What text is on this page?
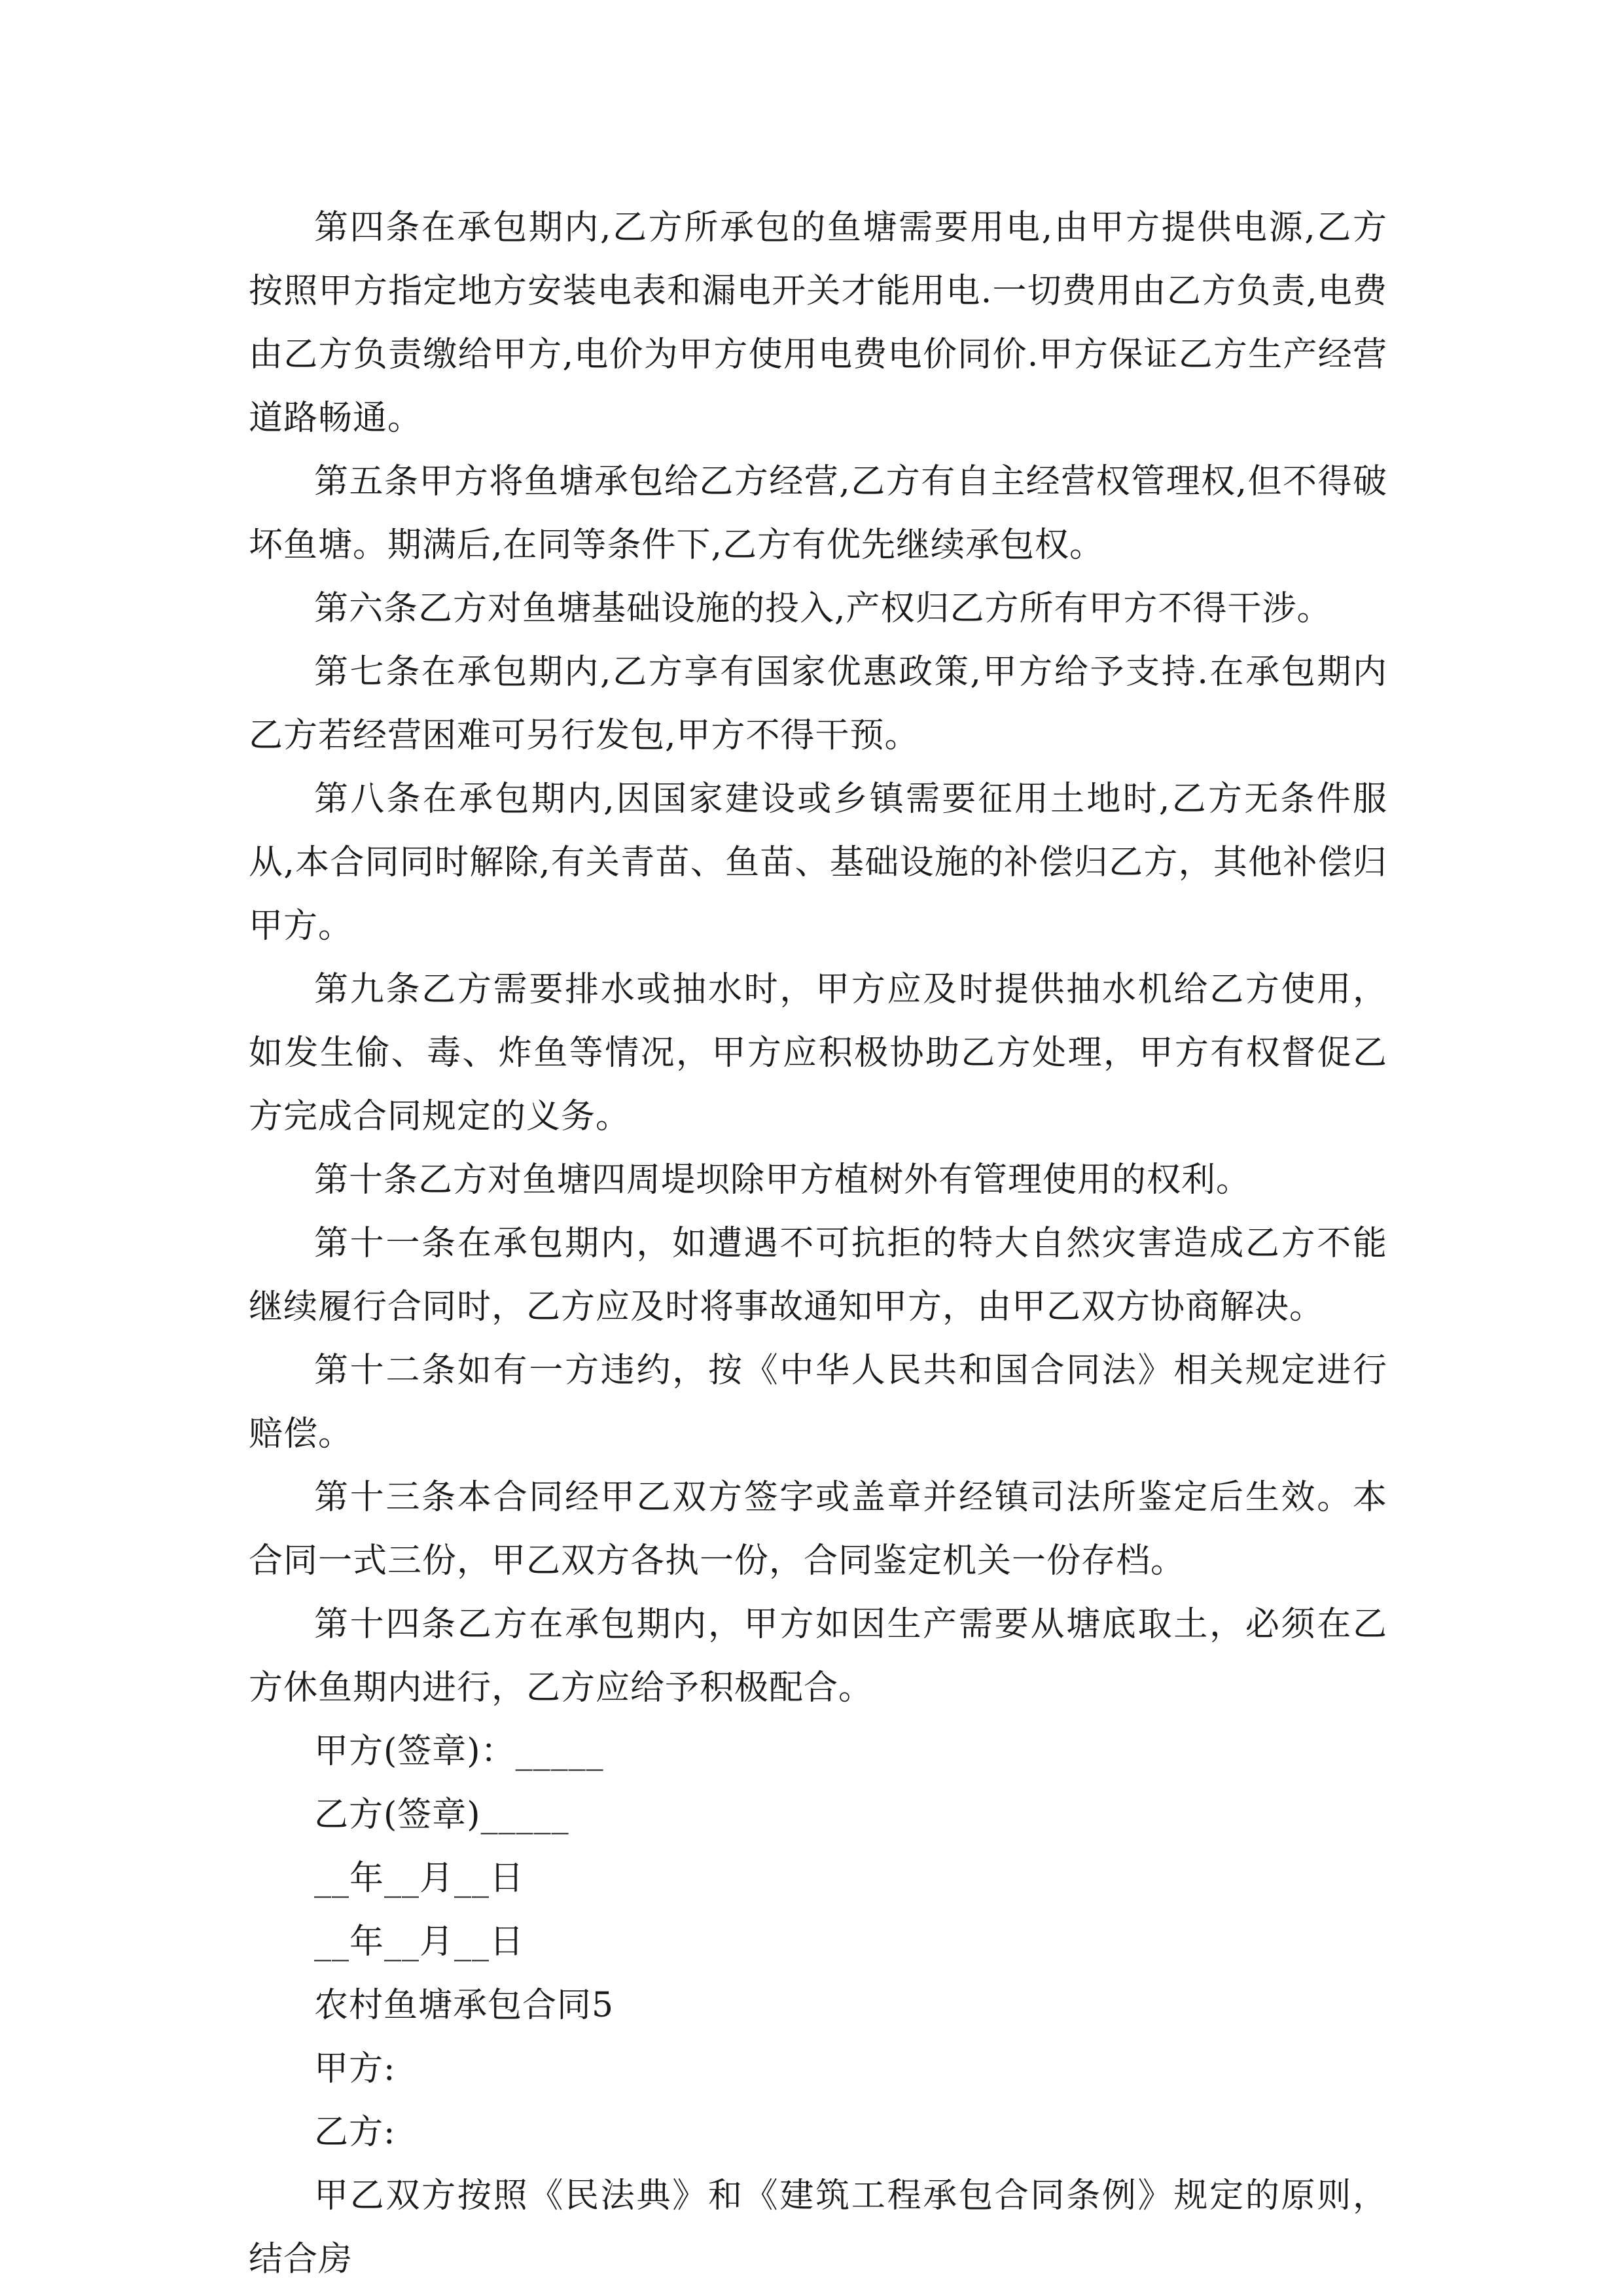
第四条在承包期内,乙方所承包的鱼塘需要用电,由甲方提供电源,乙方按照甲方指定地方安装电表和漏电开关才能用电.一切费用由乙方负责,电费由乙方负责缴给甲方,电价为甲方使用电费电价同价.甲方保证乙方生产经营道路畅通。

第五条甲方将鱼塘承包给乙方经营,乙方有自主经营权管理权,但不得破坏鱼塘。期满后,在同等条件下,乙方有优先继续承包权。

第六条乙方对鱼塘基础设施的投入,产权归乙方所有甲方不得干涉。

第七条在承包期内,乙方享有国家优惠政策,甲方给予支持.在承包期内乙方若经营困难可另行发包,甲方不得干预。

第八条在承包期内,因国家建设或乡镇需要征用土地时,乙方无条件服从,本合同同时解除,有关青苗、鱼苗、基础设施的补偿归乙方，其他补偿归甲方。

第九条乙方需要排水或抽水时，甲方应及时提供抽水机给乙方使用，如发生偷、毒、炸鱼等情况，甲方应积极协助乙方处理，甲方有权督促乙方完成合同规定的义务。

第十条乙方对鱼塘四周堤坝除甲方植树外有管理使用的权利。

第十一条在承包期内，如遭遇不可抗拒的特大自然灾害造成乙方不能继续履行合同时，乙方应及时将事故通知甲方，由甲乙双方协商解决。

第十二条如有一方违约，按《中华人民共和国合同法》相关规定进行赔偿。

第十三条本合同经甲乙双方签字或盖章并经镇司法所鉴定后生效。本合同一式三份，甲乙双方各执一份，合同鉴定机关一份存档。

第十四条乙方在承包期内，甲方如因生产需要从塘底取土，必须在乙方休鱼期内进行，乙方应给予积极配合。

甲方(签章)：_____

乙方(签章)_____

__年__月__日

__年__月__日

农村鱼塘承包合同5

甲方:

乙方:

甲乙双方按照《民法典》和《建筑工程承包合同条例》规定的原则，结合房
